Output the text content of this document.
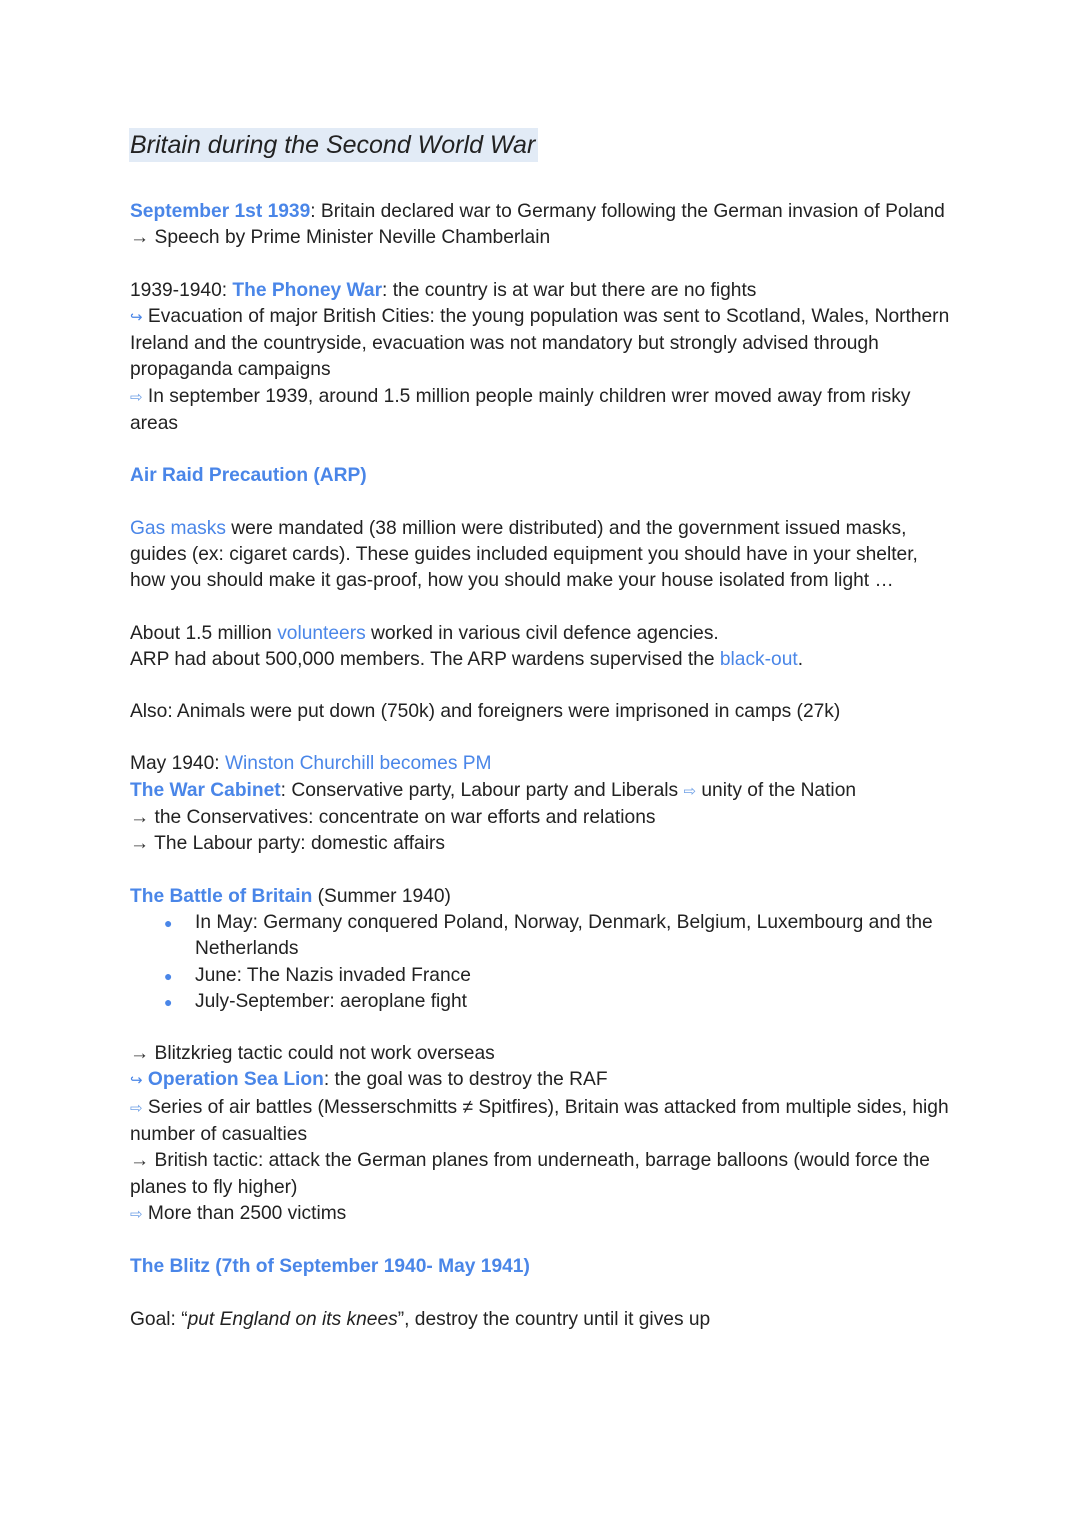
Britain during the Second World War

September 1st 1939: Britain declared war to Germany following the German invasion of Poland

→ Speech by Prime Minister Neville Chamberlain

1939-1940: The Phoney War: the country is at war but there are no fights

↪ Evacuation of major British Cities: the young population was sent to Scotland, Wales, Northern Ireland and the countryside, evacuation was not mandatory but strongly advised through propaganda campaigns

⇨ In september 1939, around 1.5 million people mainly children wrer moved away from risky areas

Air Raid Precaution (ARP)

Gas masks were mandated (38 million were distributed) and the government issued masks, guides (ex: cigaret cards). These guides included equipment you should have in your shelter, how you should make it gas-proof, how you should make your house isolated from light …

About 1.5 million volunteers worked in various civil defence agencies.

ARP had about 500,000 members. The ARP wardens supervised the black-out.

Also: Animals were put down (750k) and foreigners were imprisoned in camps (27k)

May 1940: Winston Churchill becomes PM

The War Cabinet: Conservative party, Labour party and Liberals ⇨ unity of the Nation

→ the Conservatives: concentrate on war efforts and relations

→ The Labour party: domestic affairs

The Battle of Britain (Summer 1940)

● In May: Germany conquered Poland, Norway, Denmark, Belgium, Luxembourg and the Netherlands
● June: The Nazis invaded France
● July-September: aeroplane fight

→ Blitzkrieg tactic could not work overseas

↪ Operation Sea Lion: the goal was to destroy the RAF

⇨ Series of air battles (Messerschmitts ≠ Spitfires), Britain was attacked from multiple sides, high number of casualties

→ British tactic: attack the German planes from underneath, barrage balloons (would force the planes to fly higher)

⇨ More than 2500 victims

The Blitz (7th of September 1940- May 1941)

Goal: “put England on its knees”, destroy the country until it gives up
